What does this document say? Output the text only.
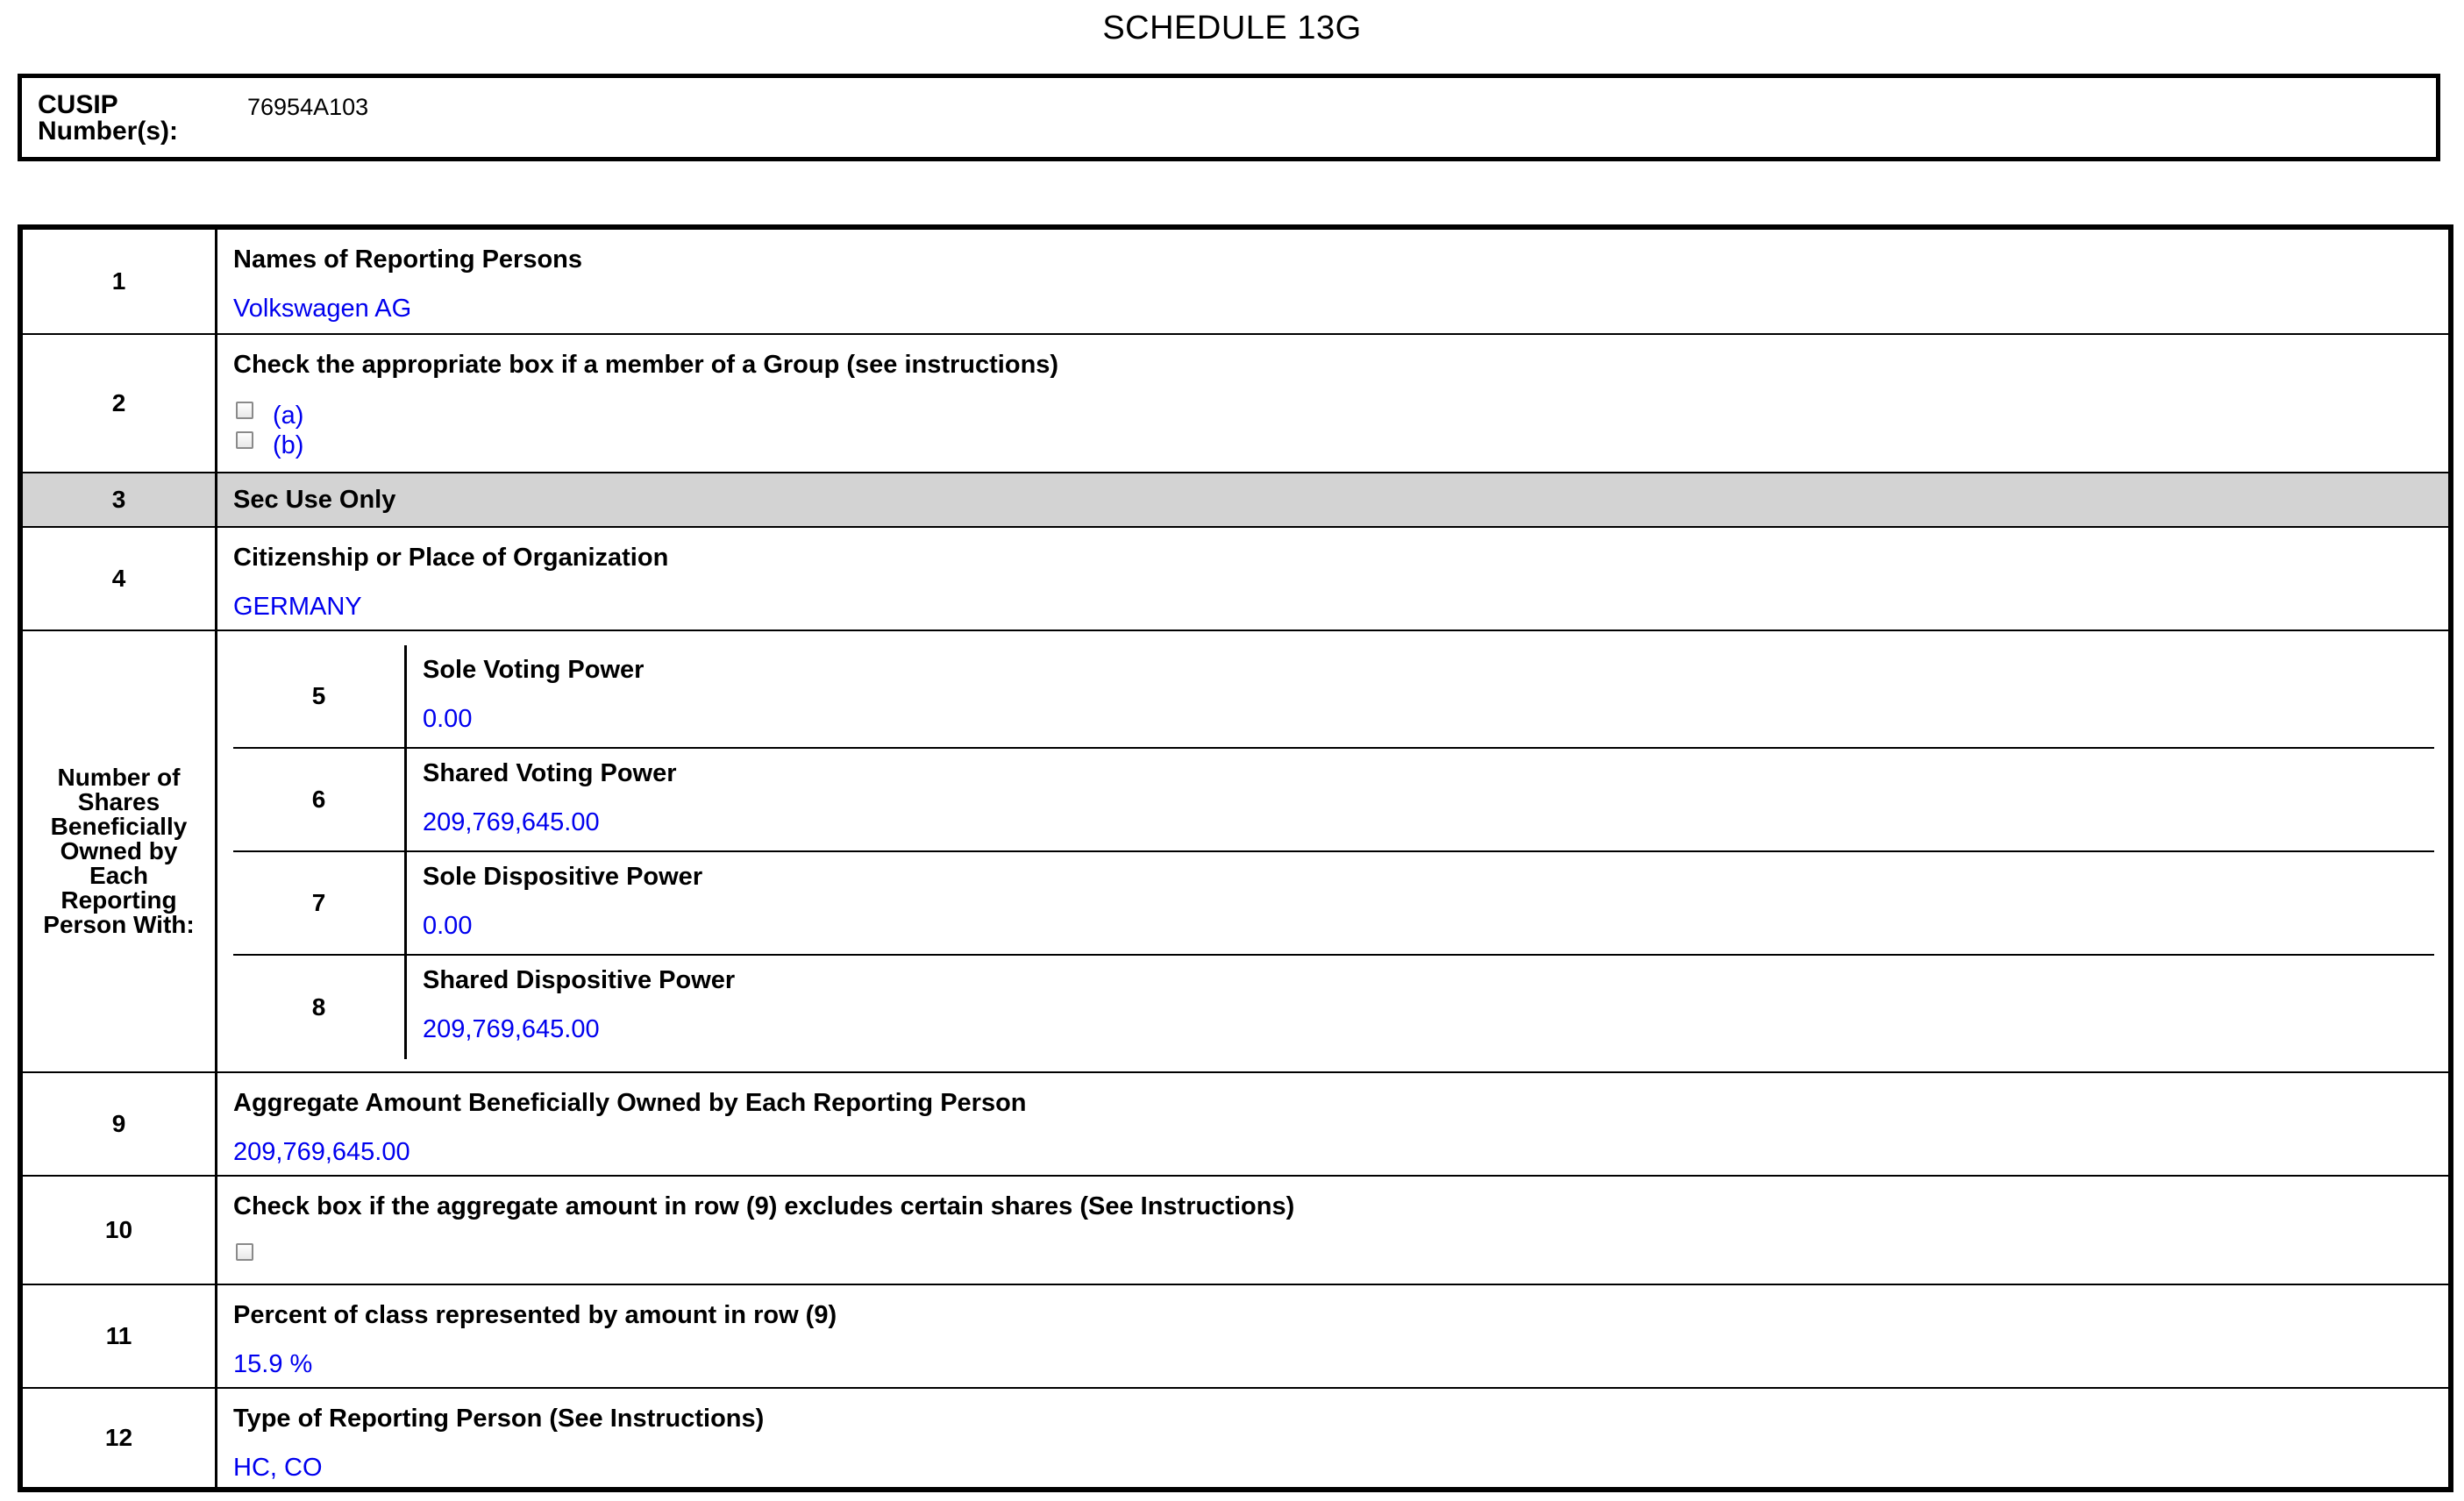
SCHEDULE 13G
CUSIP
Number(s):
76954A103
1
Names of Reporting Persons
Volkswagen AG
2
Check the appropriate box if a member of a Group (see instructions)
(a)
(b)
3	Sec Use Only
4
Citizenship or Place of Organization
GERMANY
Number of
Shares
Beneficially
Owned by
Each
Reporting
Person With:
5
Sole Voting Power
0.00
6
Shared Voting Power
209,769,645.00
7
Sole Dispositive Power
0.00
8
Shared Dispositive Power
209,769,645.00
9
Aggregate Amount Beneficially Owned by Each Reporting Person
209,769,645.00
10
Check box if the aggregate amount in row (9) excludes certain shares (See Instructions)
11
Percent of class represented by amount in row (9)
15.9 %
12
Type of Reporting Person (See Instructions)
HC, CO
